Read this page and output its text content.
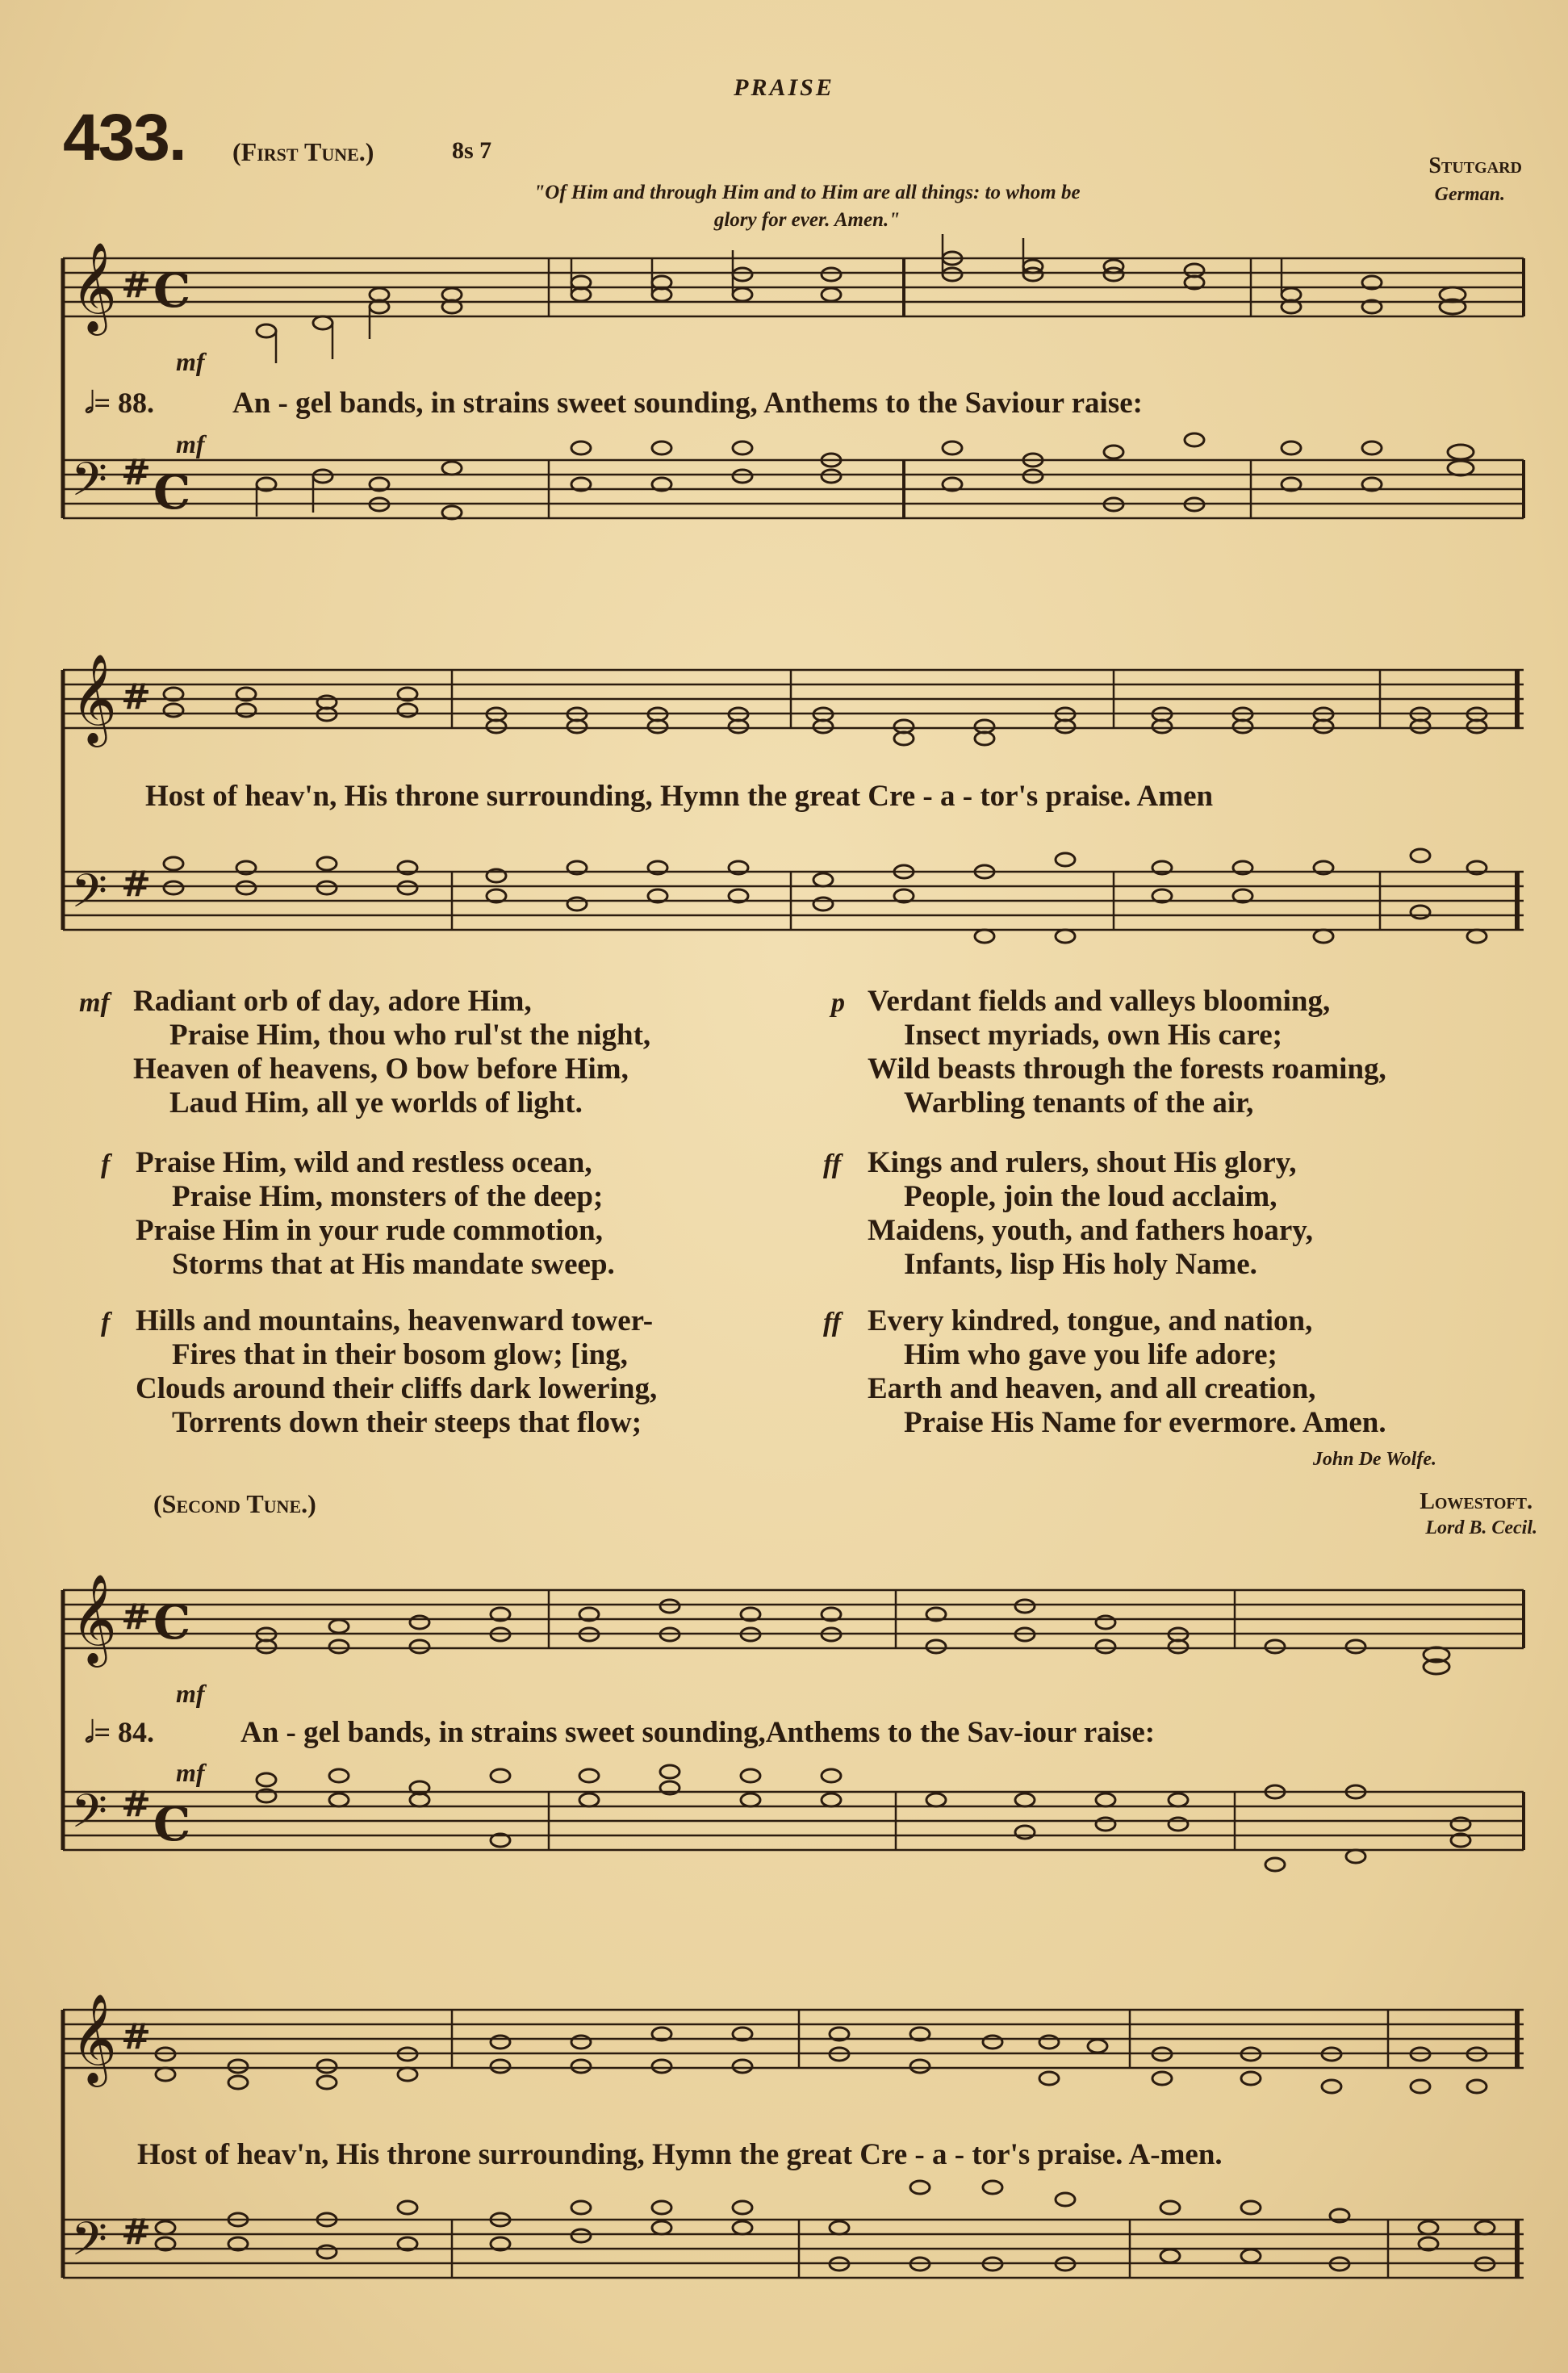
PRAISE
433. (First Tune.)	8s 7
Stutgard
German.
"Of Him and through Him and to Him are all things: to whom be
glory for ever. Amen."
𝄞 # C
𝄢 # C
mf
𝅗𝅥= 88.	An - gel bands, in strains sweet sounding, Anthems to the Saviour raise:
mf
𝄞 #
𝄢 #
Host of heav'n, His throne surrounding, Hymn the great Cre - a - tor's praise. Amen
mf Radiant orb of day, adore Him,
Praise Him, thou who rul'st the night,
Heaven of heavens, O bow before Him,
Laud Him, all ye worlds of light.
f Praise Him, wild and restless ocean,
Praise Him, monsters of the deep;
Praise Him in your rude commotion,
Storms that at His mandate sweep.
f Hills and mountains, heavenward tower-
Fires that in their bosom glow; [ing,
Clouds around their cliffs dark lowering,
Torrents down their steeps that flow;
p Verdant fields and valleys blooming,
Insect myriads, own His care;
Wild beasts through the forests roaming,
Warbling tenants of the air,
ff Kings and rulers, shout His glory,
People, join the loud acclaim,
Maidens, youth, and fathers hoary,
Infants, lisp His holy Name.
ff Every kindred, tongue, and nation,
Him who gave you life adore;
Earth and heaven, and all creation,
Praise His Name for evermore. Amen.
John De Wolfe.
(Second Tune.)	Lowestoft.
Lord B. Cecil.
𝄞 # C
𝄢 # C
mf
𝅗𝅥= 84.	An - gel bands, in strains sweet sounding,Anthems to the Sav-iour raise:
mf
𝄞 #
𝄢 #
Host of heav'n, His throne surrounding, Hymn the great Cre - a - tor's praise. A-men.
